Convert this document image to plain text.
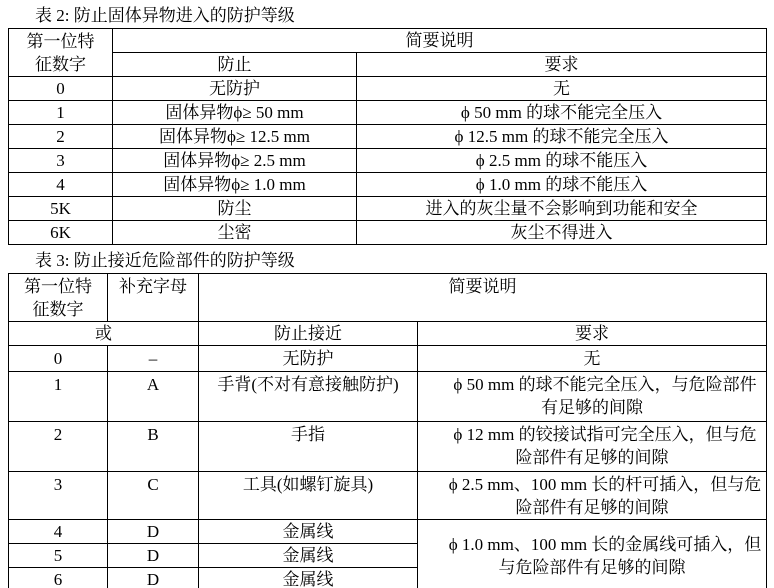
表 2: 防止固体异物进入的防护等级

第一位特
征数字	简要说明	
	防止	要求
0	无防护	无
1	固体异物ϕ≥ 50 mm	ϕ 50 mm 的球不能完全压入
2	固体异物ϕ≥ 12.5 mm	ϕ 12.5 mm 的球不能完全压入
3	固体异物ϕ≥ 2.5 mm	ϕ 2.5 mm 的球不能压入
4	固体异物ϕ≥ 1.0 mm	ϕ 1.0 mm 的球不能压入
5K	防尘	进入的灰尘量不会影响到功能和安全
6K	尘密	灰尘不得进入

表 3: 防止接近危险部件的防护等级

第一位特
征数字	补充字母	简要说明	
或		防止接近	要求
0	–	无防护	无
1	A	手背(不对有意接触防护)	ϕ 50 mm 的球不能完全压入，与危险部件有足够的间隙
2	B	手指	ϕ 12 mm 的铰接试指可完全压入，但与危险部件有足够的间隙
3	C	工具(如螺钉旋具)	ϕ 2.5 mm、100 mm 长的杆可插入，但与危险部件有足够的间隙
4	D	金属线	ϕ 1.0 mm、100 mm 长的金属线可插入，但与危险部件有足够的间隙
5	D	金属线	
6	D	金属线	
